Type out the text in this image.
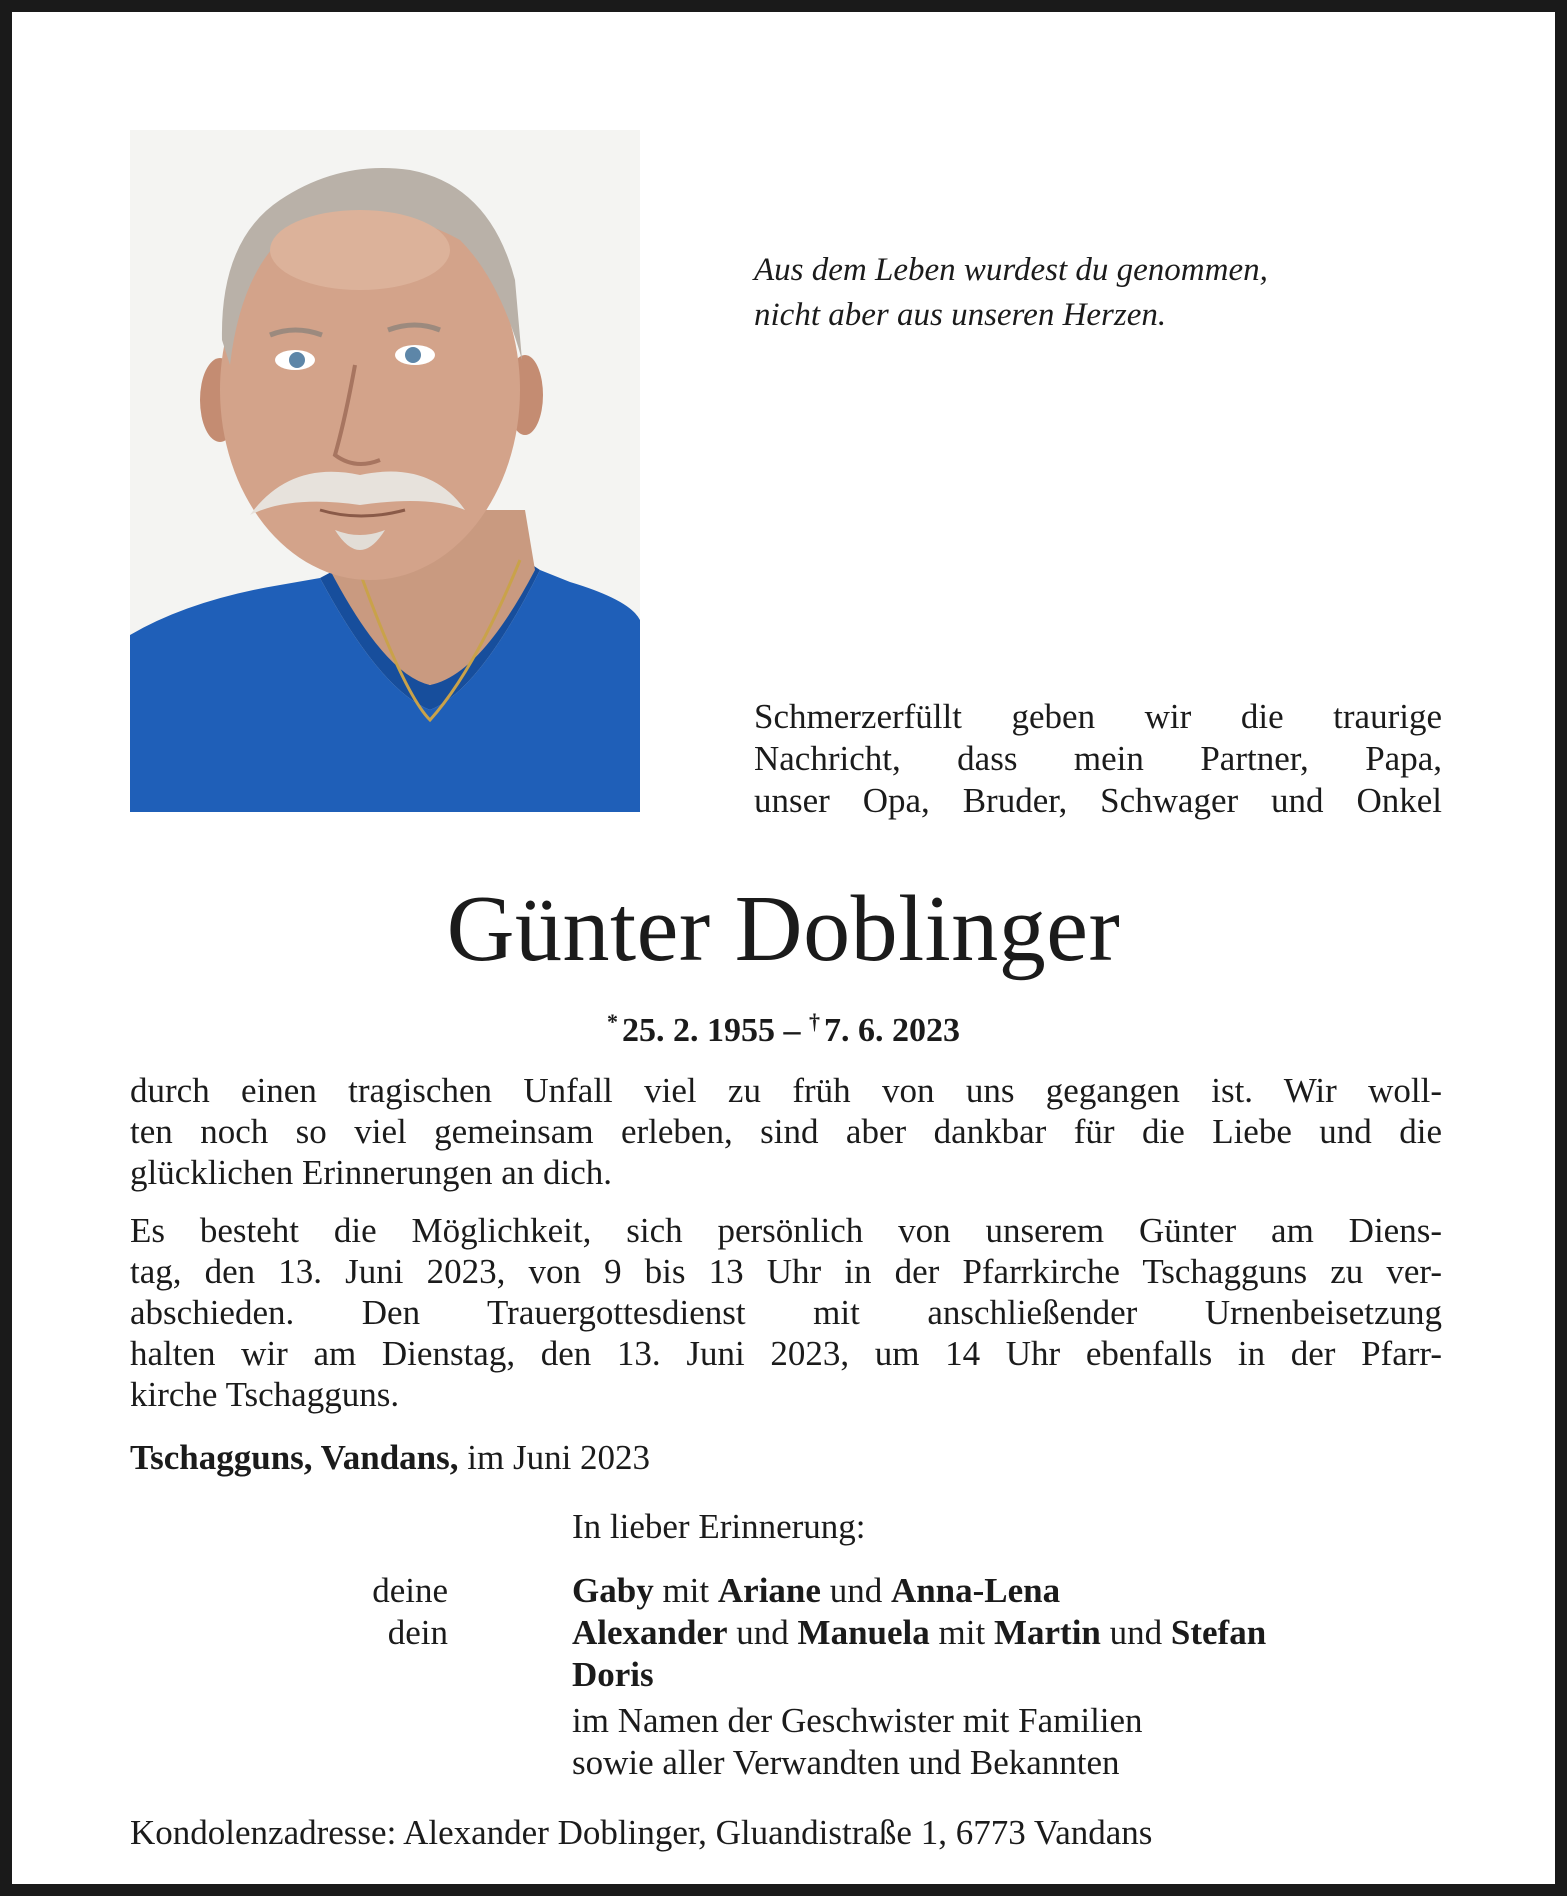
Aus dem Leben wurdest du genommen,
nicht aber aus unseren Herzen.
Schmerzerfüllt geben wir die traurige
Nachricht, dass mein Partner, Papa,
unser Opa, Bruder, Schwager und Onkel
Günter Doblinger
* 25. 2. 1955 – † 7. 6. 2023
durch einen tragischen Unfall viel zu früh von uns gegangen ist. Wir woll-
ten noch so viel gemeinsam erleben, sind aber dankbar für die Liebe und die
glücklichen Erinnerungen an dich.
Es besteht die Möglichkeit, sich persönlich von unserem Günter am Diens-
tag, den 13. Juni 2023, von 9 bis 13 Uhr in der Pfarrkirche Tschagguns zu ver-
abschieden. Den Trauergottesdienst mit anschließender Urnenbeisetzung
halten wir am Dienstag, den 13. Juni 2023, um 14 Uhr ebenfalls in der Pfarr-
kirche Tschagguns.
Tschagguns, Vandans, im Juni 2023
In lieber Erinnerung:
deine	Gaby mit Ariane und Anna-Lena
dein	Alexander und Manuela mit Martin und Stefan
Doris
im Namen der Geschwister mit Familien
sowie aller Verwandten und Bekannten
Kondolenzadresse: Alexander Doblinger, Gluandistraße 1, 6773 Vandans
